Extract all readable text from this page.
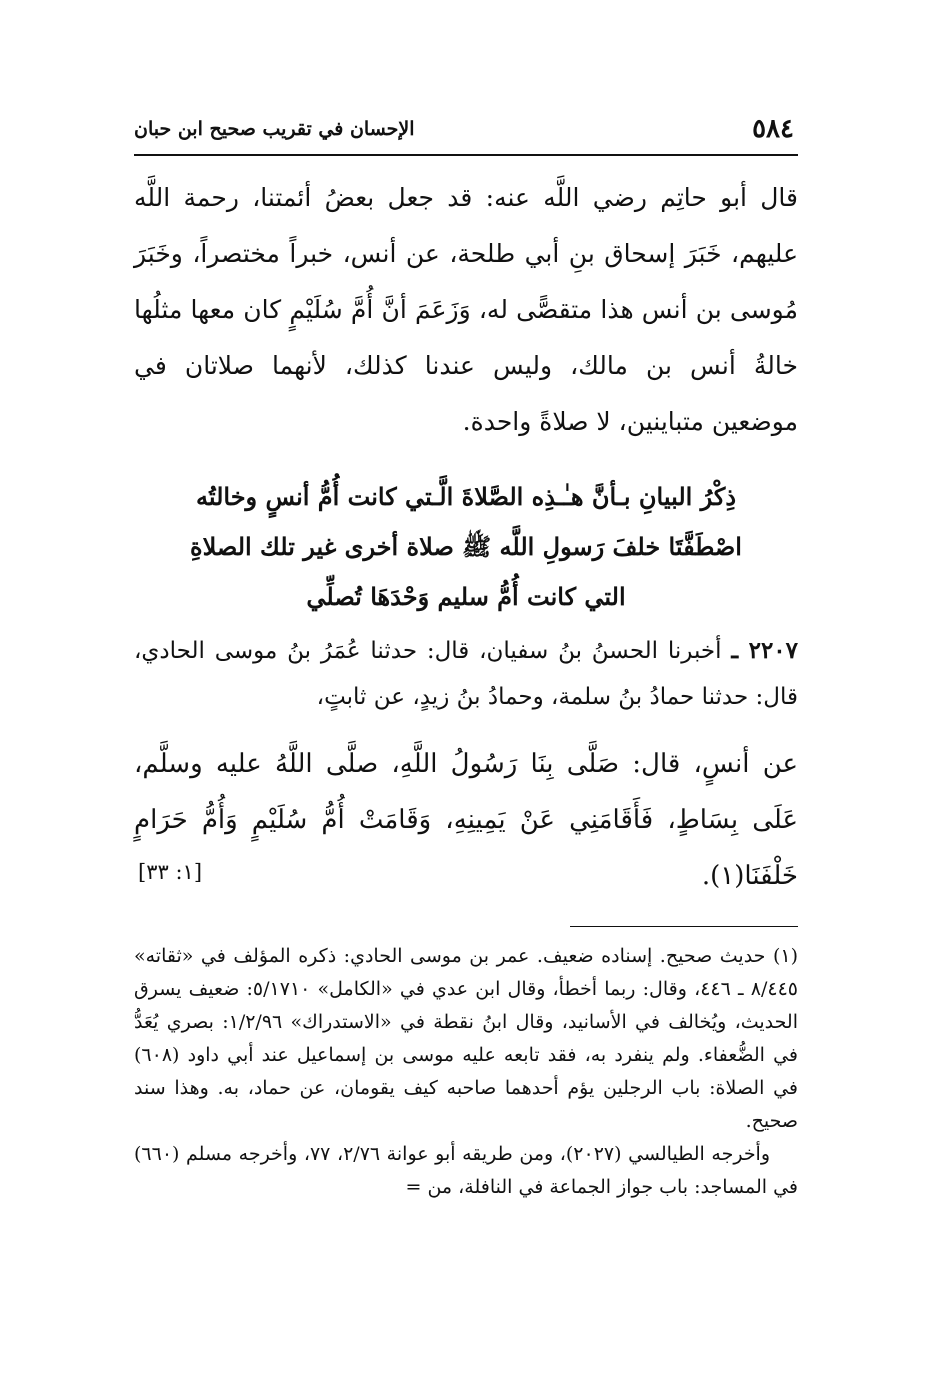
٥٨٤
الإحسان في تقريب صحيح ابن حبان
قال أبو حاتِم رضي اللَّه عنه: قد جعل بعضُ أئمتنا، رحمة اللَّه عليهم، خَبَرَ إسحاق بنِ أبي طلحة، عن أنس، خبراً مختصراً، وخَبَرَ مُوسى بن أنس هذا متقصًّى له، وَزَعَمَ أنَّ أُمَّ سُلَيْمٍ كان معها مثلُها خالةُ أنس بن مالك، وليس عندنا كذلك، لأنهما صلاتان في موضعين متباينين، لا صلاةً واحدة.
ذِكْرُ البيانِ بـأنَّ هـٰـذِه الصَّلاةَ الَّـتي كانت أُمُّ أنسٍ وخالتُه
اصْطَفَّتَا خلفَ رَسولِ اللَّه ﷺ صلاة أخرى غير تلك الصلاةِ
التي كانت أُمُّ سليم وَحْدَهَا تُصلِّي
٢٢٠٧ ـ أخبرنا الحسنُ بنُ سفيان، قال: حدثنا عُمَرُ بنُ موسى الحادي، قال: حدثنا حمادُ بنُ سلمة، وحمادُ بنُ زيدٍ، عن ثابتٍ،
عن أنسٍ، قال: صَلَّى بِنَا رَسُولُ اللَّهِ، صلَّى اللَّهُ عليه وسلَّم، عَلَى بِسَاطٍ، فَأَقَامَنِي عَنْ يَمِينِهِ، وَقَامَتْ أُمُّ سُلَيْمٍ وَأُمُّ حَرَامٍ خَلْفَنَا(١).
[١: ٣٣]

(١) حديث صحيح. إسناده ضعيف. عمر بن موسى الحادي: ذكره المؤلف في «ثقاته» ٨/٤٤٥ ـ ٤٤٦، وقال: ربما أخطأ، وقال ابن عدي في «الكامل» ٥/١٧١٠: ضعيف يسرق الحديث، ويُخالف في الأسانيد، وقال ابنُ نقطة في «الاستدراك» ١/٢/٩٦: بصري يُعَدُّ في الضُّعفاء. ولم ينفرد به، فقد تابعه عليه موسى بن إسماعيل عند أبي داود (٦٠٨) في الصلاة: باب الرجلين يؤم أحدهما صاحبه كيف يقومان، عن حماد، به. وهذا سند صحيح.

وأخرجه الطيالسي (٢٠٢٧)، ومن طريقه أبو عوانة ٢/٧٦، ٧٧، وأخرجه مسلم (٦٦٠) في المساجد: باب جواز الجماعة في النافلة، من =
